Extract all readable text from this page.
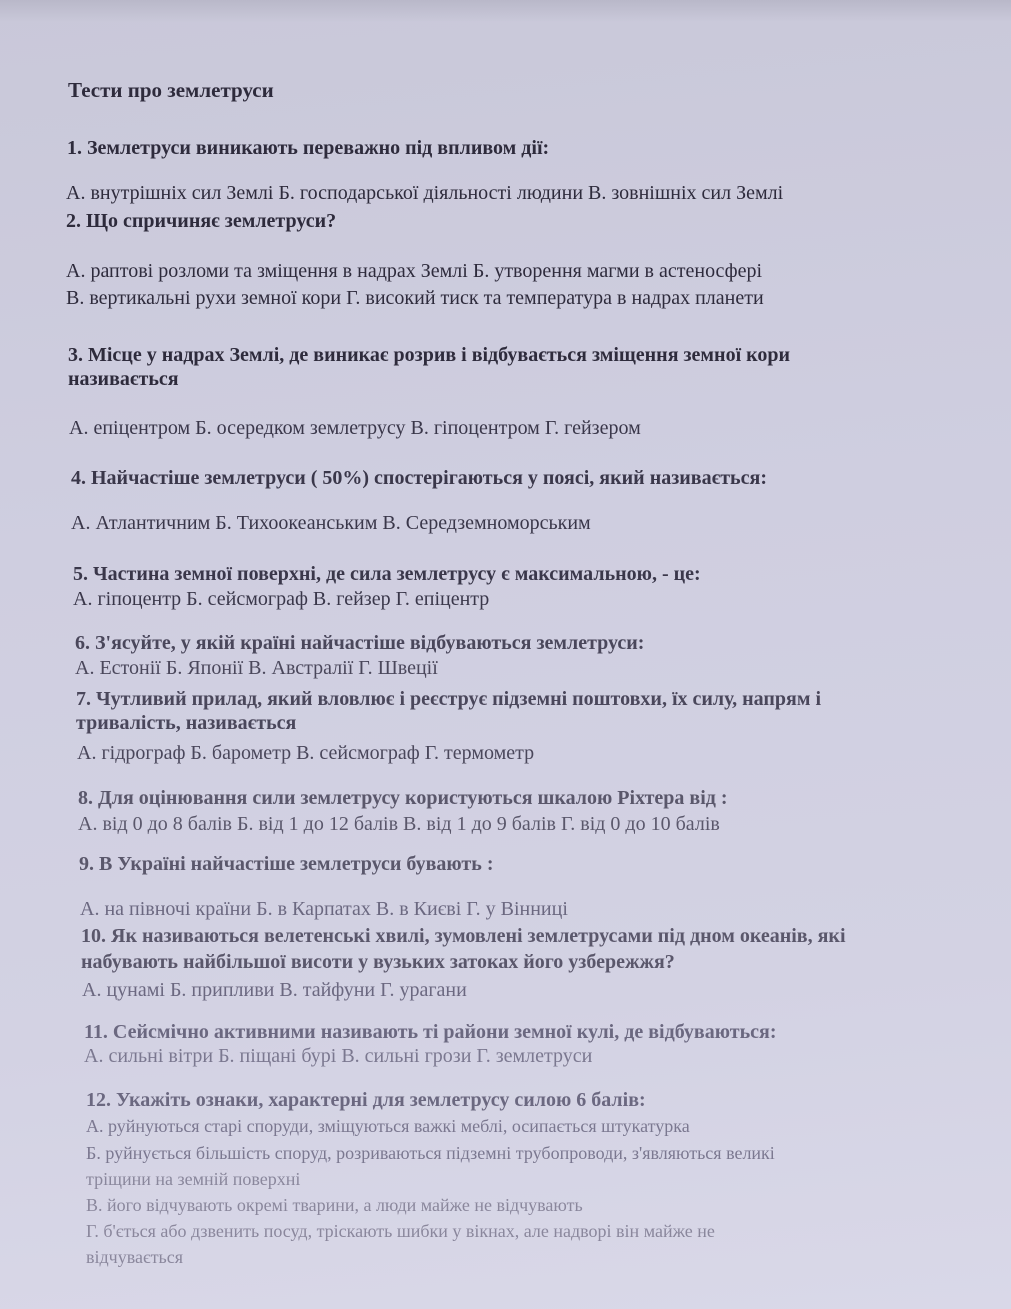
Тести про землетруси
1. Землетруси виникають переважно під впливом дії:
А. внутрішніх сил Землі Б. господарської діяльності людини В. зовнішніх сил Землі
2. Що спричиняє землетруси?
А. раптові розломи та зміщення в надрах Землі Б. утворення магми в астеносфері
В. вертикальні рухи земної кори Г. високий тиск та температура в надрах планети
3. Місце у надрах Землі, де виникає розрив і відбувається зміщення земної кори
називається
А. епіцентром Б. осередком землетрусу В. гіпоцентром Г. гейзером
4. Найчастіше землетруси ( 50%) спостерігаються у поясі, який називається:
А. Атлантичним Б. Тихоокеанським В. Середземноморським
5. Частина земної поверхні, де сила землетрусу є максимальною, - це:
А. гіпоцентр Б. сейсмограф В. гейзер Г. епіцентр
6. З'ясуйте, у якій країні найчастіше відбуваються землетруси:
А. Естонії Б. Японії В. Австралії Г. Швеції
7. Чутливий прилад, який вловлює і реєструє підземні поштовхи, їх силу, напрям і
тривалість, називається
А. гідрограф Б. барометр В. сейсмограф Г. термометр
8. Для оцінювання сили землетрусу користуються шкалою Ріхтера від :
А. від 0 до 8 балів Б. від 1 до 12 балів В. від 1 до 9 балів Г. від 0 до 10 балів
9. В Україні найчастіше землетруси бувають :
А. на півночі країни Б. в Карпатах В. в Києві Г. у Вінниці
10. Як називаються велетенські хвилі, зумовлені землетрусами під дном океанів, які
набувають найбільшої висоти у вузьких затоках його узбережжя?
А. цунамі Б. припливи В. тайфуни Г. урагани
11. Сейсмічно активними називають ті райони земної кулі, де відбуваються:
А. сильні вітри Б. піщані бурі В. сильні грози Г. землетруси
12. Укажіть ознаки, характерні для землетрусу силою 6 балів:
А. руйнуються старі споруди, зміщуються важкі меблі, осипається штукатурка
Б. руйнується більшість споруд, розриваються підземні трубопроводи, з'являються великі
тріщини на земній поверхні
В. його відчувають окремі тварини, а люди майже не відчувають
Г. б'ється або дзвенить посуд, тріскають шибки у вікнах, але надворі він майже не
відчувається
